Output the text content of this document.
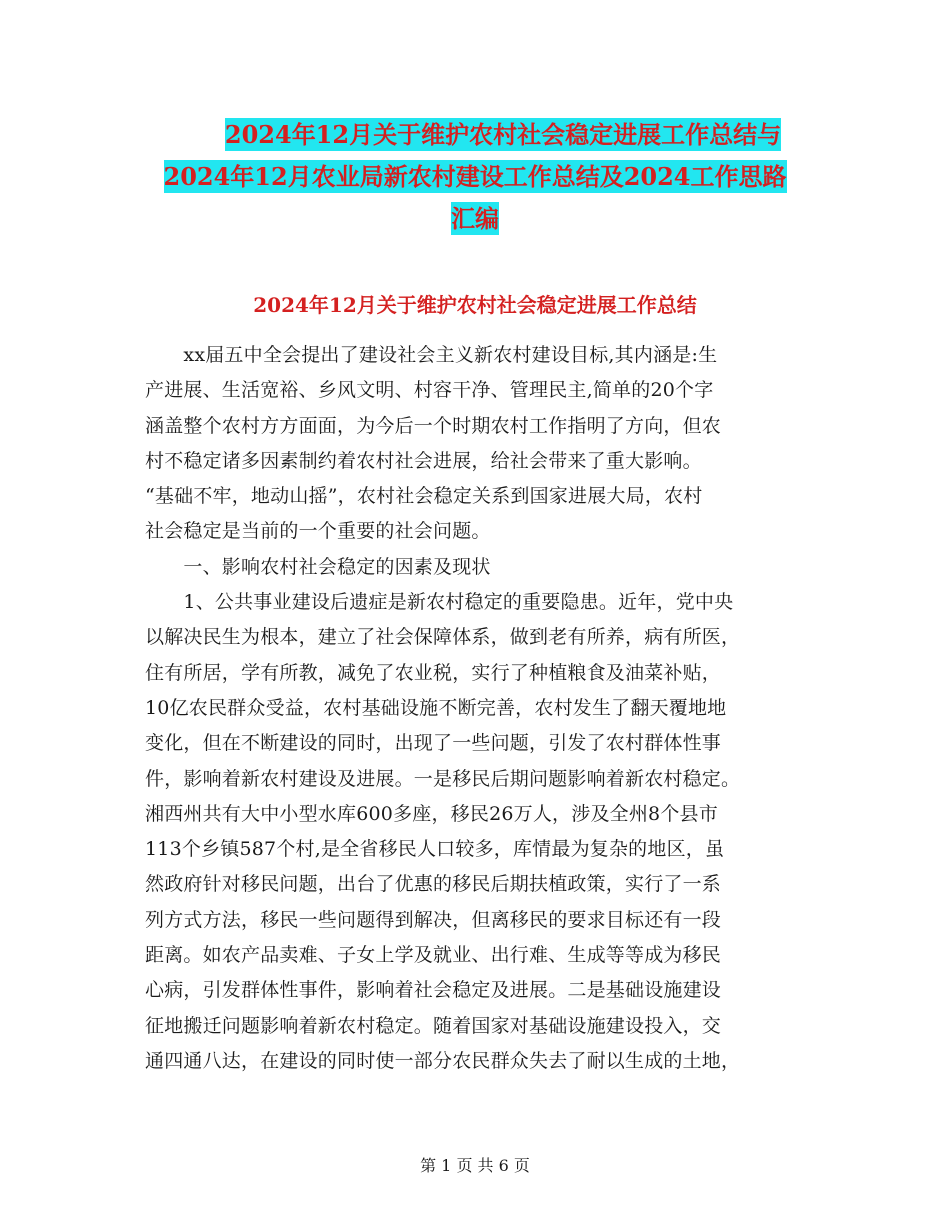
2024年12月关于维护农村社会稳定进展工作总结与
2024年12月农业局新农村建设工作总结及2024工作思路
汇编
2024年12月关于维护农村社会稳定进展工作总结
　　xx届五中全会提出了建设社会主义新农村建设目标,其内涵是:生
产进展、生活宽裕、乡风文明、村容干净、管理民主,简单的20个字
涵盖整个农村方方面面，为今后一个时期农村工作指明了方向，但农
村不稳定诸多因素制约着农村社会进展，给社会带来了重大影响。
“基础不牢，地动山摇”，农村社会稳定关系到国家进展大局，农村
社会稳定是当前的一个重要的社会问题。
　　一、影响农村社会稳定的因素及现状
　　1、公共事业建设后遗症是新农村稳定的重要隐患。近年，党中央
以解决民生为根本，建立了社会保障体系，做到老有所养，病有所医，
住有所居，学有所教，减免了农业税，实行了种植粮食及油菜补贴，
10亿农民群众受益，农村基础设施不断完善，农村发生了翻天覆地地
变化，但在不断建设的同时，出现了一些问题，引发了农村群体性事
件，影响着新农村建设及进展。一是移民后期问题影响着新农村稳定。
湘西州共有大中小型水库600多座，移民26万人，涉及全州8个县市
113个乡镇587个村,是全省移民人口较多，库情最为复杂的地区，虽
然政府针对移民问题，出台了优惠的移民后期扶植政策，实行了一系
列方式方法，移民一些问题得到解决，但离移民的要求目标还有一段
距离。如农产品卖难、子女上学及就业、出行难、生成等等成为移民
心病，引发群体性事件，影响着社会稳定及进展。二是基础设施建设
征地搬迁问题影响着新农村稳定。随着国家对基础设施建设投入，交
通四通八达，在建设的同时使一部分农民群众失去了耐以生成的土地，
第 1 页 共 6 页
